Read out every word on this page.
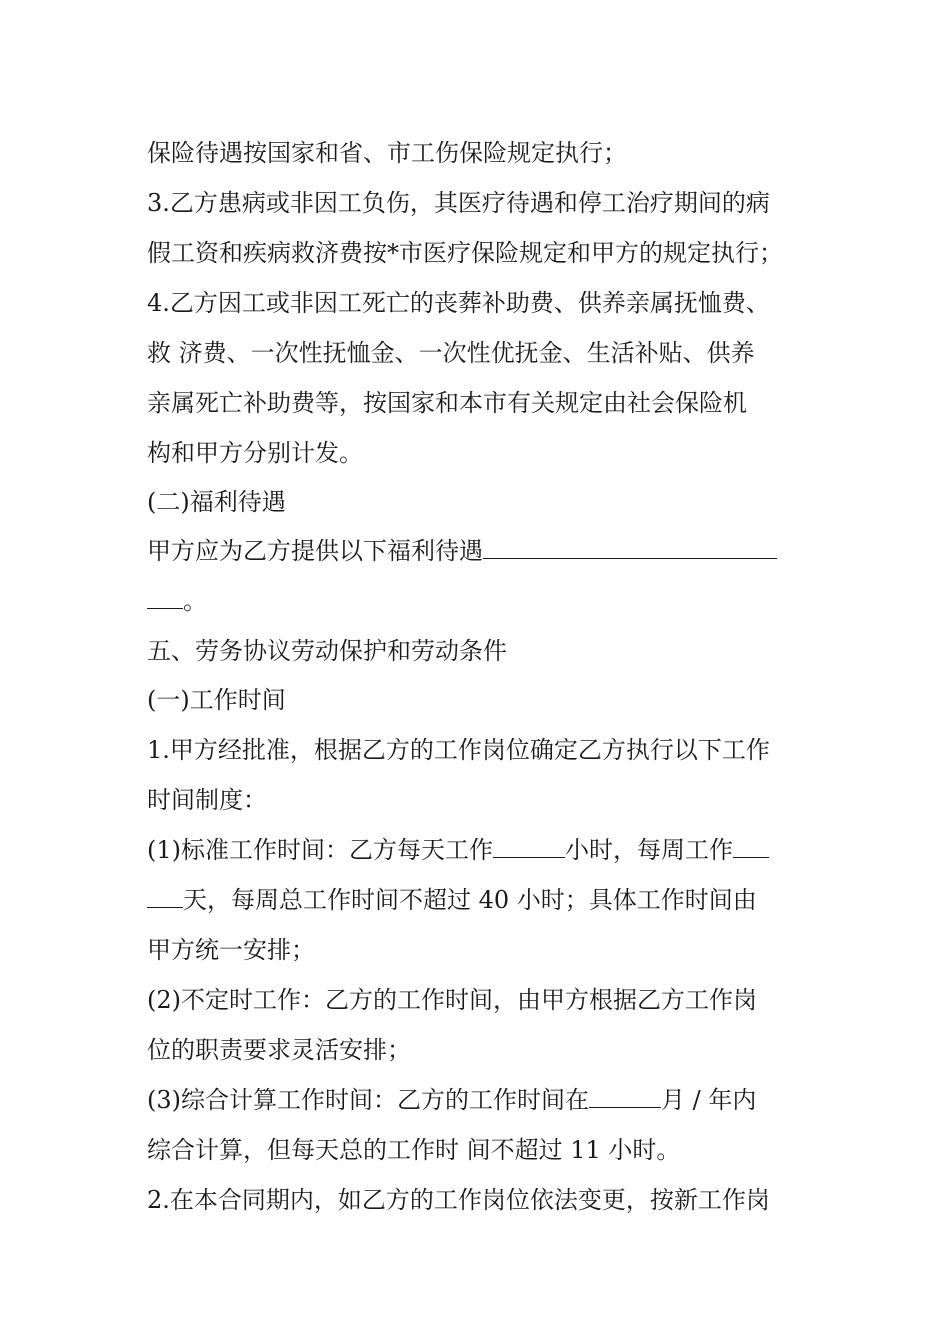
保险待遇按国家和省、市工伤保险规定执行；
3.乙方患病或非因工负伤，其医疗待遇和停工治疗期间的病
假工资和疾病救济费按*市医疗保险规定和甲方的规定执行；
4.乙方因工或非因工死亡的丧葬补助费、供养亲属抚恤费、
救 济费、一次性抚恤金、一次性优抚金、生活补贴、供养
亲属死亡补助费等，按国家和本市有关规定由社会保险机
构和甲方分别计发。
(二)福利待遇
甲方应为乙方提供以下福利待遇
。
五、劳务协议劳动保护和劳动条件
(一)工作时间
1.甲方经批准，根据乙方的工作岗位确定乙方执行以下工作
时间制度：
(1)标准工作时间：乙方每天工作	小时，每周工作
天，每周总工作时间不超过 40 小时；具体工作时间由
甲方统一安排；
(2)不定时工作：乙方的工作时间，由甲方根据乙方工作岗
位的职责要求灵活安排；
(3)综合计算工作时间：乙方的工作时间在	月 / 年内
综合计算，但每天总的工作时 间不超过 11 小时。
2.在本合同期内，如乙方的工作岗位依法变更，按新工作岗
